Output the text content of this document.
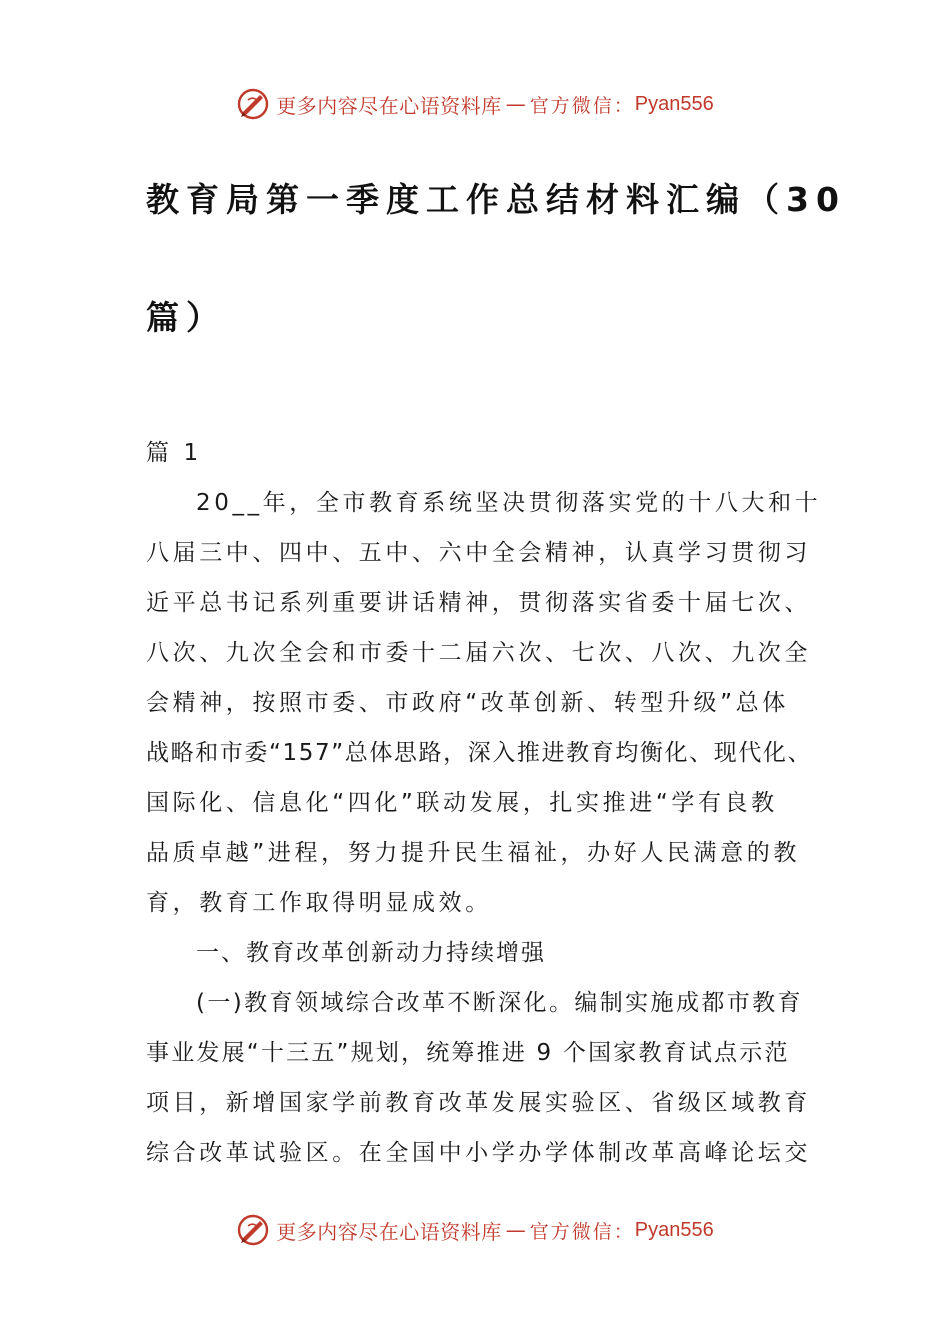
更多内容尽在心语资料库 — 官方微信： Pyan556
教育局第一季度工作总结材料汇编（30
篇）
篇 1
20__年，全市教育系统坚决贯彻落实党的十八大和十
八届三中、四中、五中、六中全会精神，认真学习贯彻习
近平总书记系列重要讲话精神，贯彻落实省委十届七次、
八次、九次全会和市委十二届六次、七次、八次、九次全
会精神，按照市委、市政府“改革创新、转型升级”总体
战略和市委“157”总体思路，深入推进教育均衡化、现代化、
国际化、信息化“四化”联动发展，扎实推进“学有良教
品质卓越”进程，努力提升民生福祉，办好人民满意的教
育，教育工作取得明显成效。
一、教育改革创新动力持续增强
(一)教育领域综合改革不断深化。编制实施成都市教育
事业发展“十三五”规划，统筹推进 9 个国家教育试点示范
项目，新增国家学前教育改革发展实验区、省级区域教育
综合改革试验区。在全国中小学办学体制改革高峰论坛交
更多内容尽在心语资料库 — 官方微信： Pyan556
